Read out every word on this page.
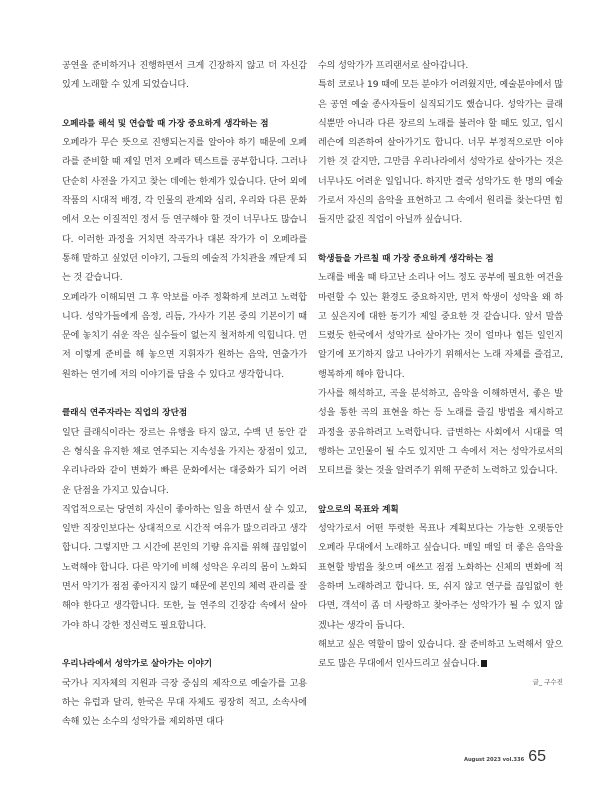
공연을 준비하거나 진행하면서 크게 긴장하지 않고 더 자신감 있게 노래할 수 있게 되었습니다.

오페라를 해석 및 연습할 때 가장 중요하게 생각하는 점

오페라가 무슨 뜻으로 진행되는지를 알아야 하기 때문에 오페라를 준비할 때 제일 먼저 오페라 텍스트를 공부합니다. 그러나 단순히 사전을 가지고 찾는 데에는 한계가 있습니다. 단어 외에 작품의 시대적 배경, 각 인물의 관계와 심리, 우리와 다른 문화에서 오는 이질적인 정서 등 연구해야 할 것이 너무나도 많습니다. 이러한 과정을 거치면 작곡가나 대본 작가가 이 오페라를 통해 말하고 싶었던 이야기, 그들의 예술적 가치관을 깨닫게 되는 것 같습니다.

오페라가 이해되면 그 후 악보를 아주 정확하게 보려고 노력합니다. 성악가들에게 음정, 리듬, 가사가 기본 중의 기본이기 때문에 놓치기 쉬운 작은 실수들이 없는지 철저하게 익힙니다. 먼저 이렇게 준비를 해 놓으면 지휘자가 원하는 음악, 연출가가 원하는 연기에 저의 이야기를 담을 수 있다고 생각합니다.

클래식 연주자라는 직업의 장단점

일단 클래식이라는 장르는 유행을 타지 않고, 수백 년 동안 같은 형식을 유지한 채로 연주되는 지속성을 가지는 장점이 있고, 우리나라와 같이 변화가 빠른 문화에서는 대중화가 되기 어려운 단점을 가지고 있습니다.

직업적으로는 당연히 자신이 좋아하는 일을 하면서 살 수 있고, 일반 직장인보다는 상대적으로 시간적 여유가 많으리라고 생각합니다. 그렇지만 그 시간에 본인의 기량 유지를 위해 끊임없이 노력해야 합니다. 다른 악기에 비해 성악은 우리의 몸이 노화되면서 악기가 점점 좋아지지 않기 때문에 본인의 체력 관리를 잘해야 한다고 생각합니다. 또한, 늘 연주의 긴장감 속에서 살아가야 하니 강한 정신력도 필요합니다.

우리나라에서 성악가로 살아가는 이야기

국가나 지자체의 지원과 극장 중심의 제작으로 예술가를 고용하는 유럽과 달리, 한국은 무대 자체도 굉장히 적고, 소속사에 속해 있는 소수의 성악가를 제외하면 대다

수의 성악가가 프리랜서로 살아갑니다.

특히 코로나 19 때에 모든 분야가 어려웠지만, 예술분야에서 많은 공연 예술 종사자들이 실직되기도 했습니다. 성악가는 클래식뿐만 아니라 다른 장르의 노래를 불러야 할 때도 있고, 입시레슨에 의존하여 살아가기도 합니다. 너무 부정적으로만 이야기한 것 같지만, 그만큼 우리나라에서 성악가로 살아가는 것은 너무나도 어려운 일입니다. 하지만 결국 성악가도 한 명의 예술가로서 자신의 음악을 표현하고 그 속에서 원리를 찾는다면 힘들지만 값진 직업이 아닐까 싶습니다.

학생들을 가르칠 때 가장 중요하게 생각하는 점

노래를 배울 때 타고난 소리나 어느 정도 공부에 필요한 여건을 마련할 수 있는 환경도 중요하지만, 먼저 학생이 성악을 왜 하고 싶은지에 대한 동기가 제일 중요한 것 같습니다. 앞서 말씀드렸듯 한국에서 성악가로 살아가는 것이 얼마나 힘든 일인지 알기에 포기하지 않고 나아가기 위해서는 노래 자체를 즐겁고, 행복하게 해야 합니다.

가사를 해석하고, 곡을 분석하고, 음악을 이해하면서, 좋은 발성을 통한 곡의 표현을 하는 등 노래를 즐길 방법을 제시하고 과정을 공유하려고 노력합니다. 급변하는 사회에서 시대를 역행하는 고인물이 될 수도 있지만 그 속에서 저는 성악가로서의 모티브를 찾는 것을 알려주기 위해 꾸준히 노력하고 있습니다.

앞으로의 목표와 계획

성악가로서 어떤 뚜렷한 목표나 계획보다는 가능한 오랫동안 오페라 무대에서 노래하고 싶습니다. 매일 매일 더 좋은 음악을 표현할 방법을 찾으며 애쓰고 점점 노화하는 신체의 변화에 적응하며 노래하려고 합니다. 또, 쉬지 않고 연구를 끊임없이 한다면, 객석이 좀 더 사랑하고 찾아주는 성악가가 될 수 있지 않겠냐는 생각이 듭니다.

해보고 싶은 역할이 많이 있습니다. 잘 준비하고 노력해서 앞으로도 많은 무대에서 인사드리고 싶습니다.

글_ 구수진

August 2023 vol.336 65
